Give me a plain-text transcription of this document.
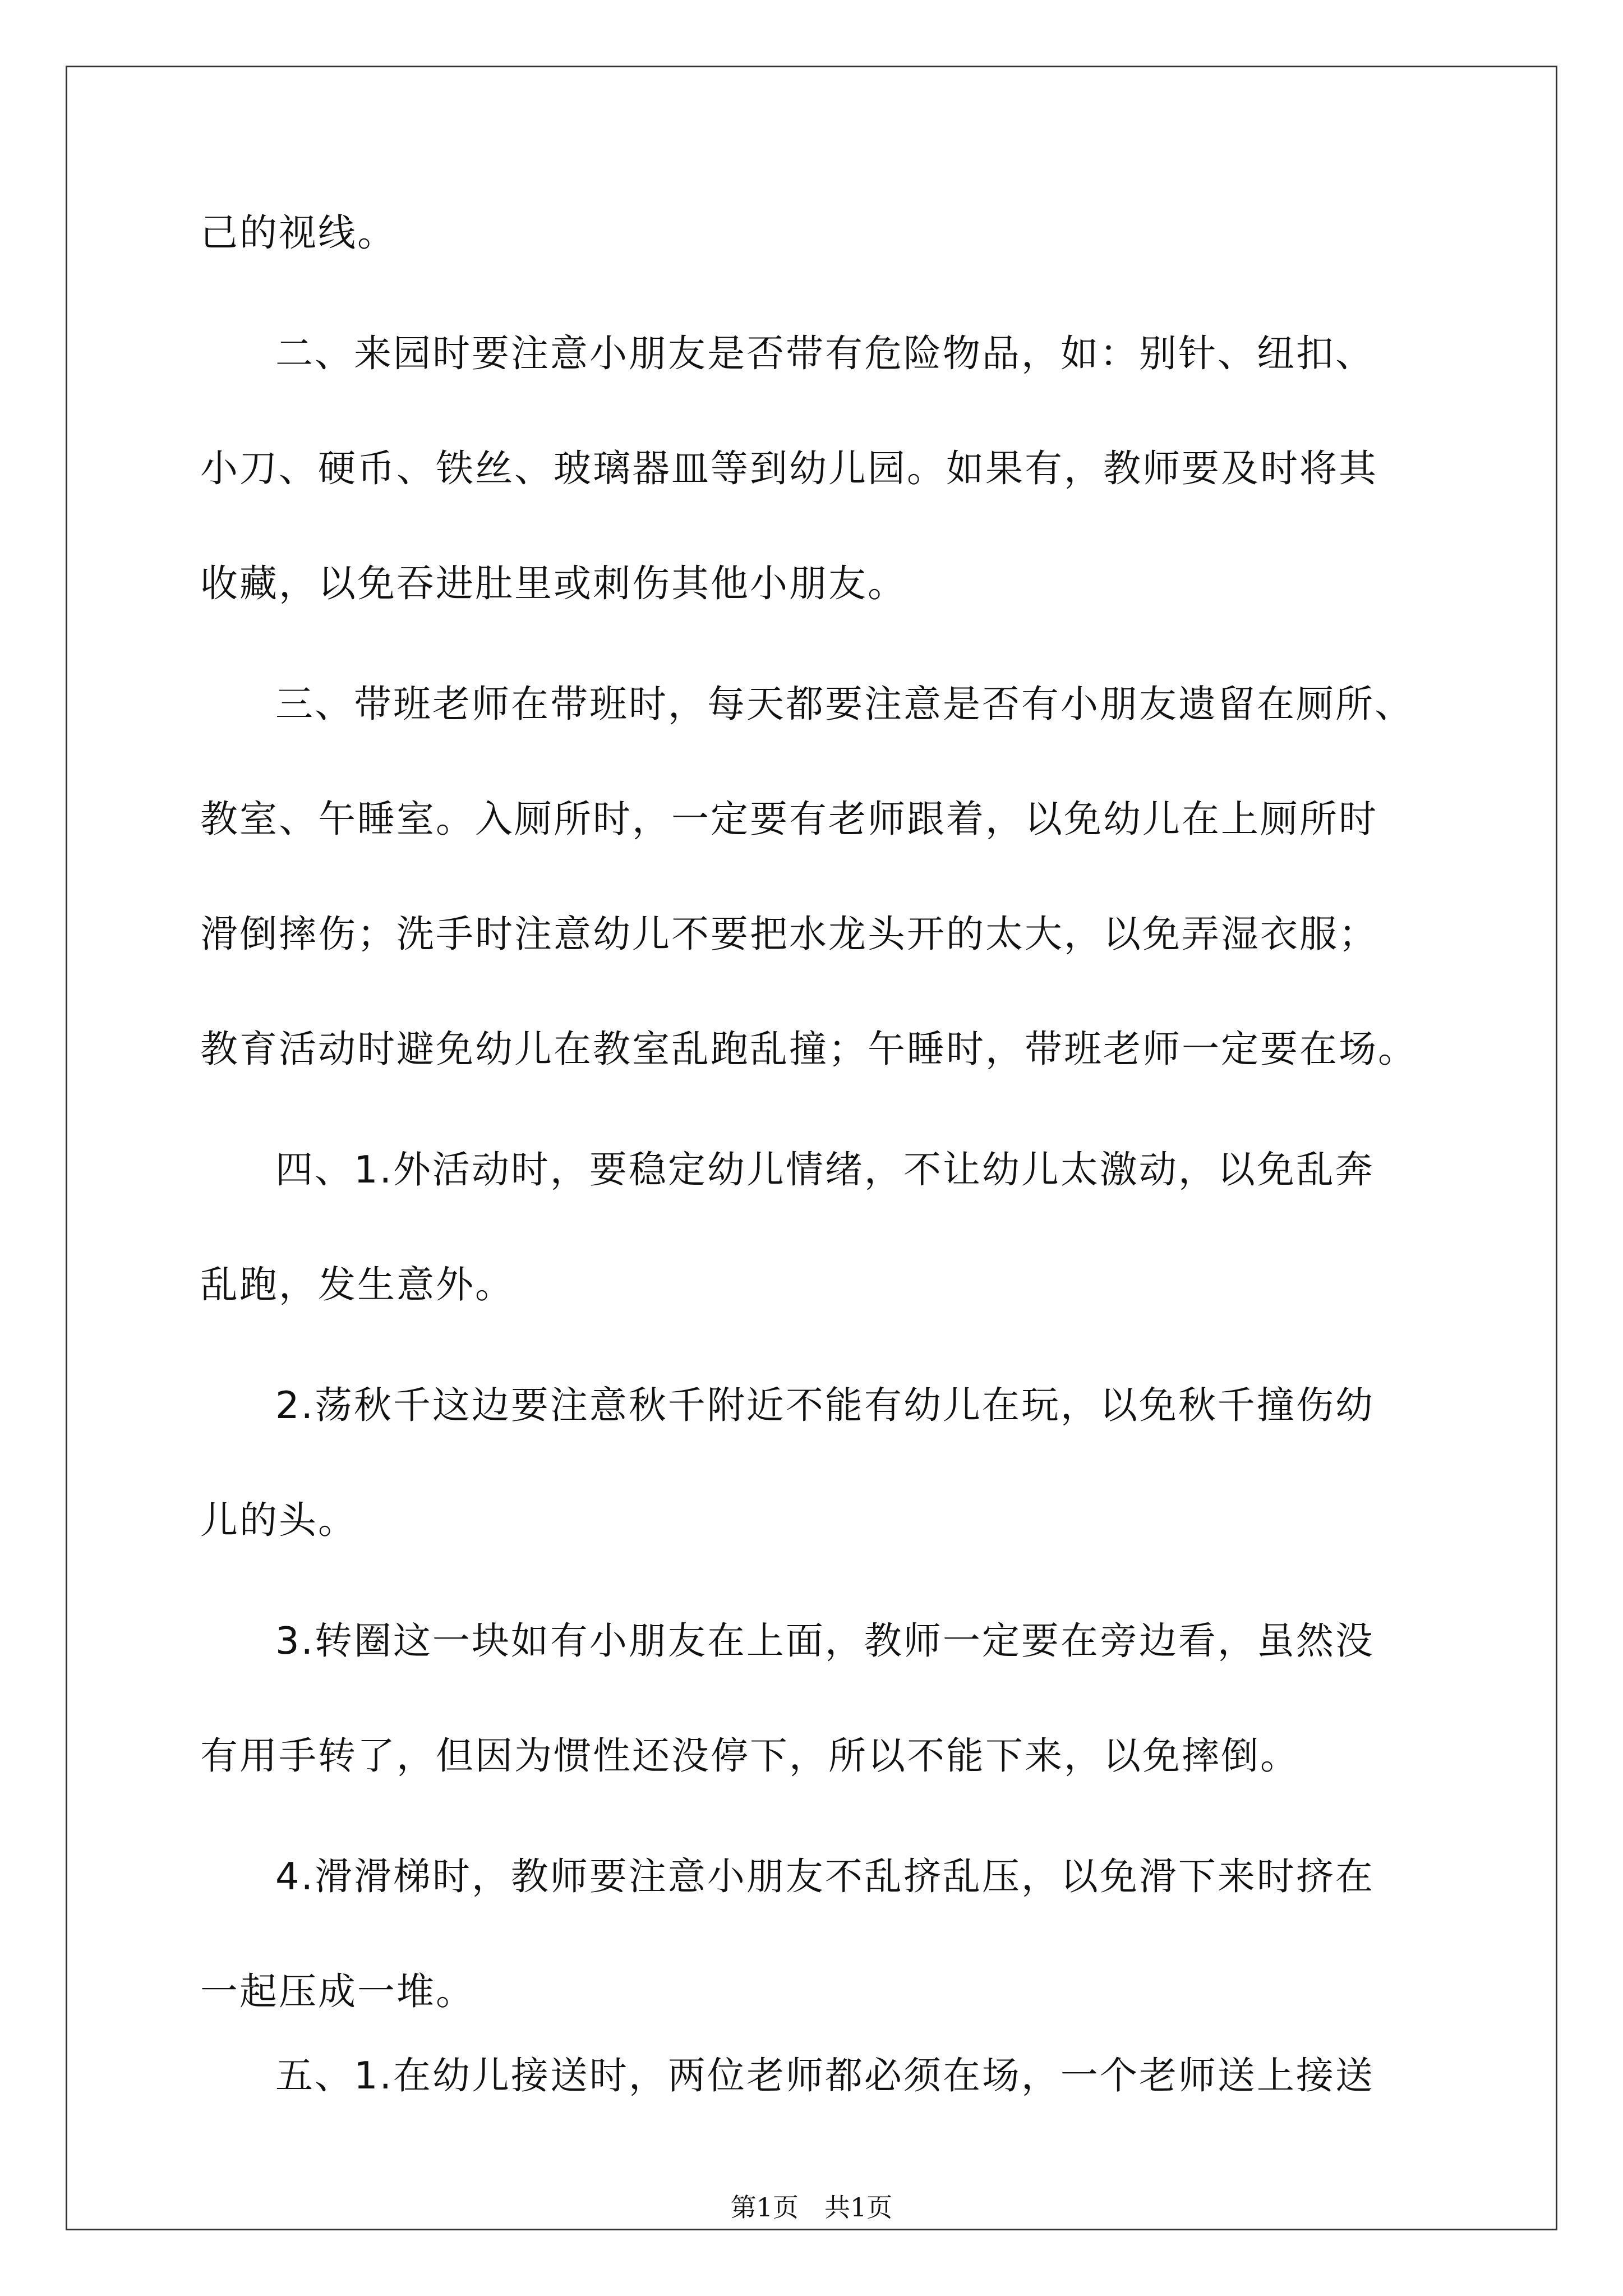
己的视线。
二、来园时要注意小朋友是否带有危险物品，如：别针、纽扣、
小刀、硬币、铁丝、玻璃器皿等到幼儿园。如果有，教师要及时将其
收藏，以免吞进肚里或刺伤其他小朋友。
三、带班老师在带班时，每天都要注意是否有小朋友遗留在厕所、
教室、午睡室。入厕所时，一定要有老师跟着，以免幼儿在上厕所时
滑倒摔伤；洗手时注意幼儿不要把水龙头开的太大，以免弄湿衣服；
教育活动时避免幼儿在教室乱跑乱撞；午睡时，带班老师一定要在场。
四、1.外活动时，要稳定幼儿情绪，不让幼儿太激动，以免乱奔
乱跑，发生意外。
2.荡秋千这边要注意秋千附近不能有幼儿在玩，以免秋千撞伤幼
儿的头。
3.转圈这一块如有小朋友在上面，教师一定要在旁边看，虽然没
有用手转了，但因为惯性还没停下，所以不能下来，以免摔倒。
4.滑滑梯时，教师要注意小朋友不乱挤乱压，以免滑下来时挤在
一起压成一堆。
五、1.在幼儿接送时，两位老师都必须在场，一个老师送上接送
第1页　共1页
